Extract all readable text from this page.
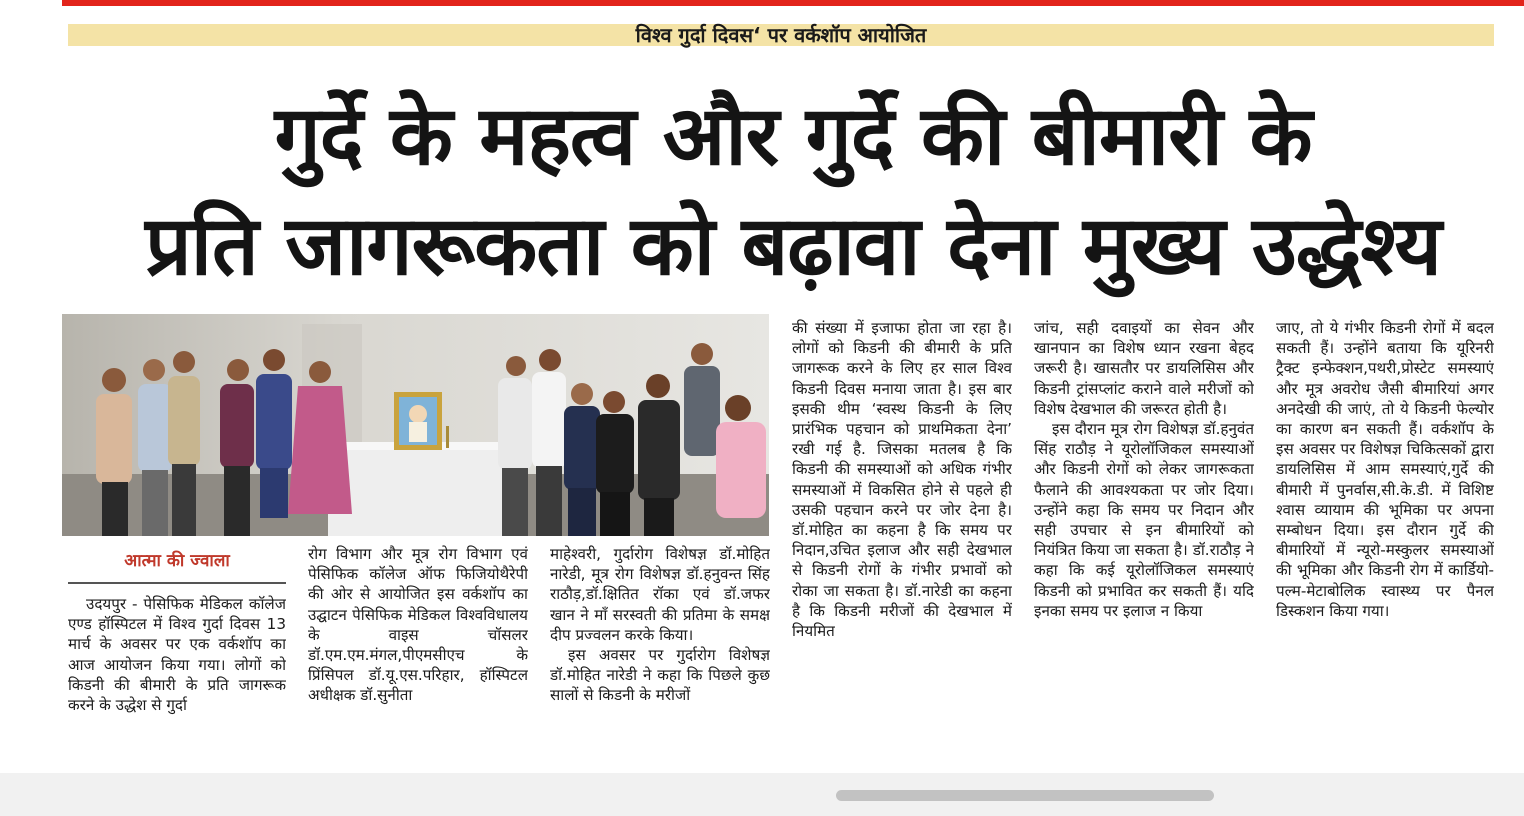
विश्व गुर्दा दिवस‘ पर वर्कशॉप आयोजित
गुर्दे के महत्व और गुर्दे की बीमारी के
प्रति जागरूकता को बढ़ावा देना मुख्य उद्धेश्य
आत्मा की ज्वाला

उदयपुर - पेसिफिक मेडिकल कॉलेज एण्ड हॉस्पिटल में विश्व गुर्दा दिवस 13 मार्च के अवसर पर एक वर्कशॉप का आज आयोजन किया गया। लोगों को किडनी की बीमारी के प्रति जागरूक करने के उद्धेश से गुर्दा

रोग विभाग और मूत्र रोग विभाग एवं पेसिफिक कॉलेज ऑफ फिजियोथैरेपी की ओर से आयोजित इस वर्कशॉप का उद्घाटन पेसिफिक मेडिकल विश्वविधालय के वाइस चॉसलर डॉ.एम.एम.मंगल,पीएमसीएच के प्रिंसिपल डॉ.यू.एस.परिहार, हॉस्पिटल अधीक्षक डॉ.सुनीता

माहेश्वरी, गुर्दारोग विशेषज्ञ डॉ.मोहित नारेडी, मूत्र रोग विशेषज्ञ डॉ.हनुवन्त सिंह राठौड़,डॉ.क्षितित रॉका एवं डॉ.जफर खान ने मॉं सरस्वती की प्रतिमा के समक्ष दीप प्रज्वलन करके किया।

इस अवसर पर गुर्दारोग विशेषज्ञ डॉ.मोहित नारेडी ने कहा कि पिछले कुछ सालों से किडनी के मरीजों

की संख्या में इजाफा होता जा रहा है। लोगों को किडनी की बीमारी के प्रति जागरूक करने के लिए हर साल विश्व किडनी दिवस मनाया जाता है। इस बार इसकी थीम ‘स्वस्थ किडनी के लिए प्रारंभिक पहचान को प्राथमिकता देना’ रखी गई है. जिसका मतलब है कि किडनी की समस्याओं को अधिक गंभीर समस्याओं में विकसित होने से पहले ही उसकी पहचान करने पर जोर देना है। डॉ.मोहित का कहना है कि समय पर निदान,उचित इलाज और सही देखभाल से किडनी रोगों के गंभीर प्रभावों को रोका जा सकता है। डॉ.नारेडी का कहना है कि किडनी मरीजों की देखभाल में नियमित

जांच, सही दवाइयों का सेवन और खानपान का विशेष ध्यान रखना बेहद जरूरी है। खासतौर पर डायलिसिस और किडनी ट्रांसप्लांट कराने वाले मरीजों को विशेष देखभाल की जरूरत होती है।

इस दौरान मूत्र रोग विशेषज्ञ डॉ.हनुवंत सिंह राठौड़ ने यूरोलॉजिकल समस्याओं और किडनी रोगों को लेकर जागरूकता फैलाने की आवश्यकता पर जोर दिया। उन्होंने कहा कि समय पर निदान और सही उपचार से इन बीमारियों को नियंत्रित किया जा सकता है। डॉ.राठौड़ ने कहा कि कई यूरोलॉजिकल समस्याएं किडनी को प्रभावित कर सकती हैं। यदि इनका समय पर इलाज न किया

जाए, तो ये गंभीर किडनी रोगों में बदल सकती हैं। उन्होंने बताया कि यूरिनरी ट्रैक्ट इन्फेक्शन,पथरी,प्रोस्टेट समस्याएं और मूत्र अवरोध जैसी बीमारियां अगर अनदेखी की जाएं, तो ये किडनी फेल्योर का कारण बन सकती हैं। वर्कशॉप के इस अवसर पर विशेषज्ञ चिकित्सकों द्वारा डायलिसिस में आम समस्याएं,गुर्दे की बीमारी में पुनर्वास,सी.के.डी. में विशिष्ट श्वास व्यायाम की भूमिका पर अपना सम्बोधन दिया। इस दौरान गुर्दे की बीमारियों में न्यूरो-मस्कुलर समस्याओं की भूमिका और किडनी रोग में कार्डियो-पल्म-मेटाबोलिक स्वास्थ्य पर पैनल डिस्कशन किया गया।
